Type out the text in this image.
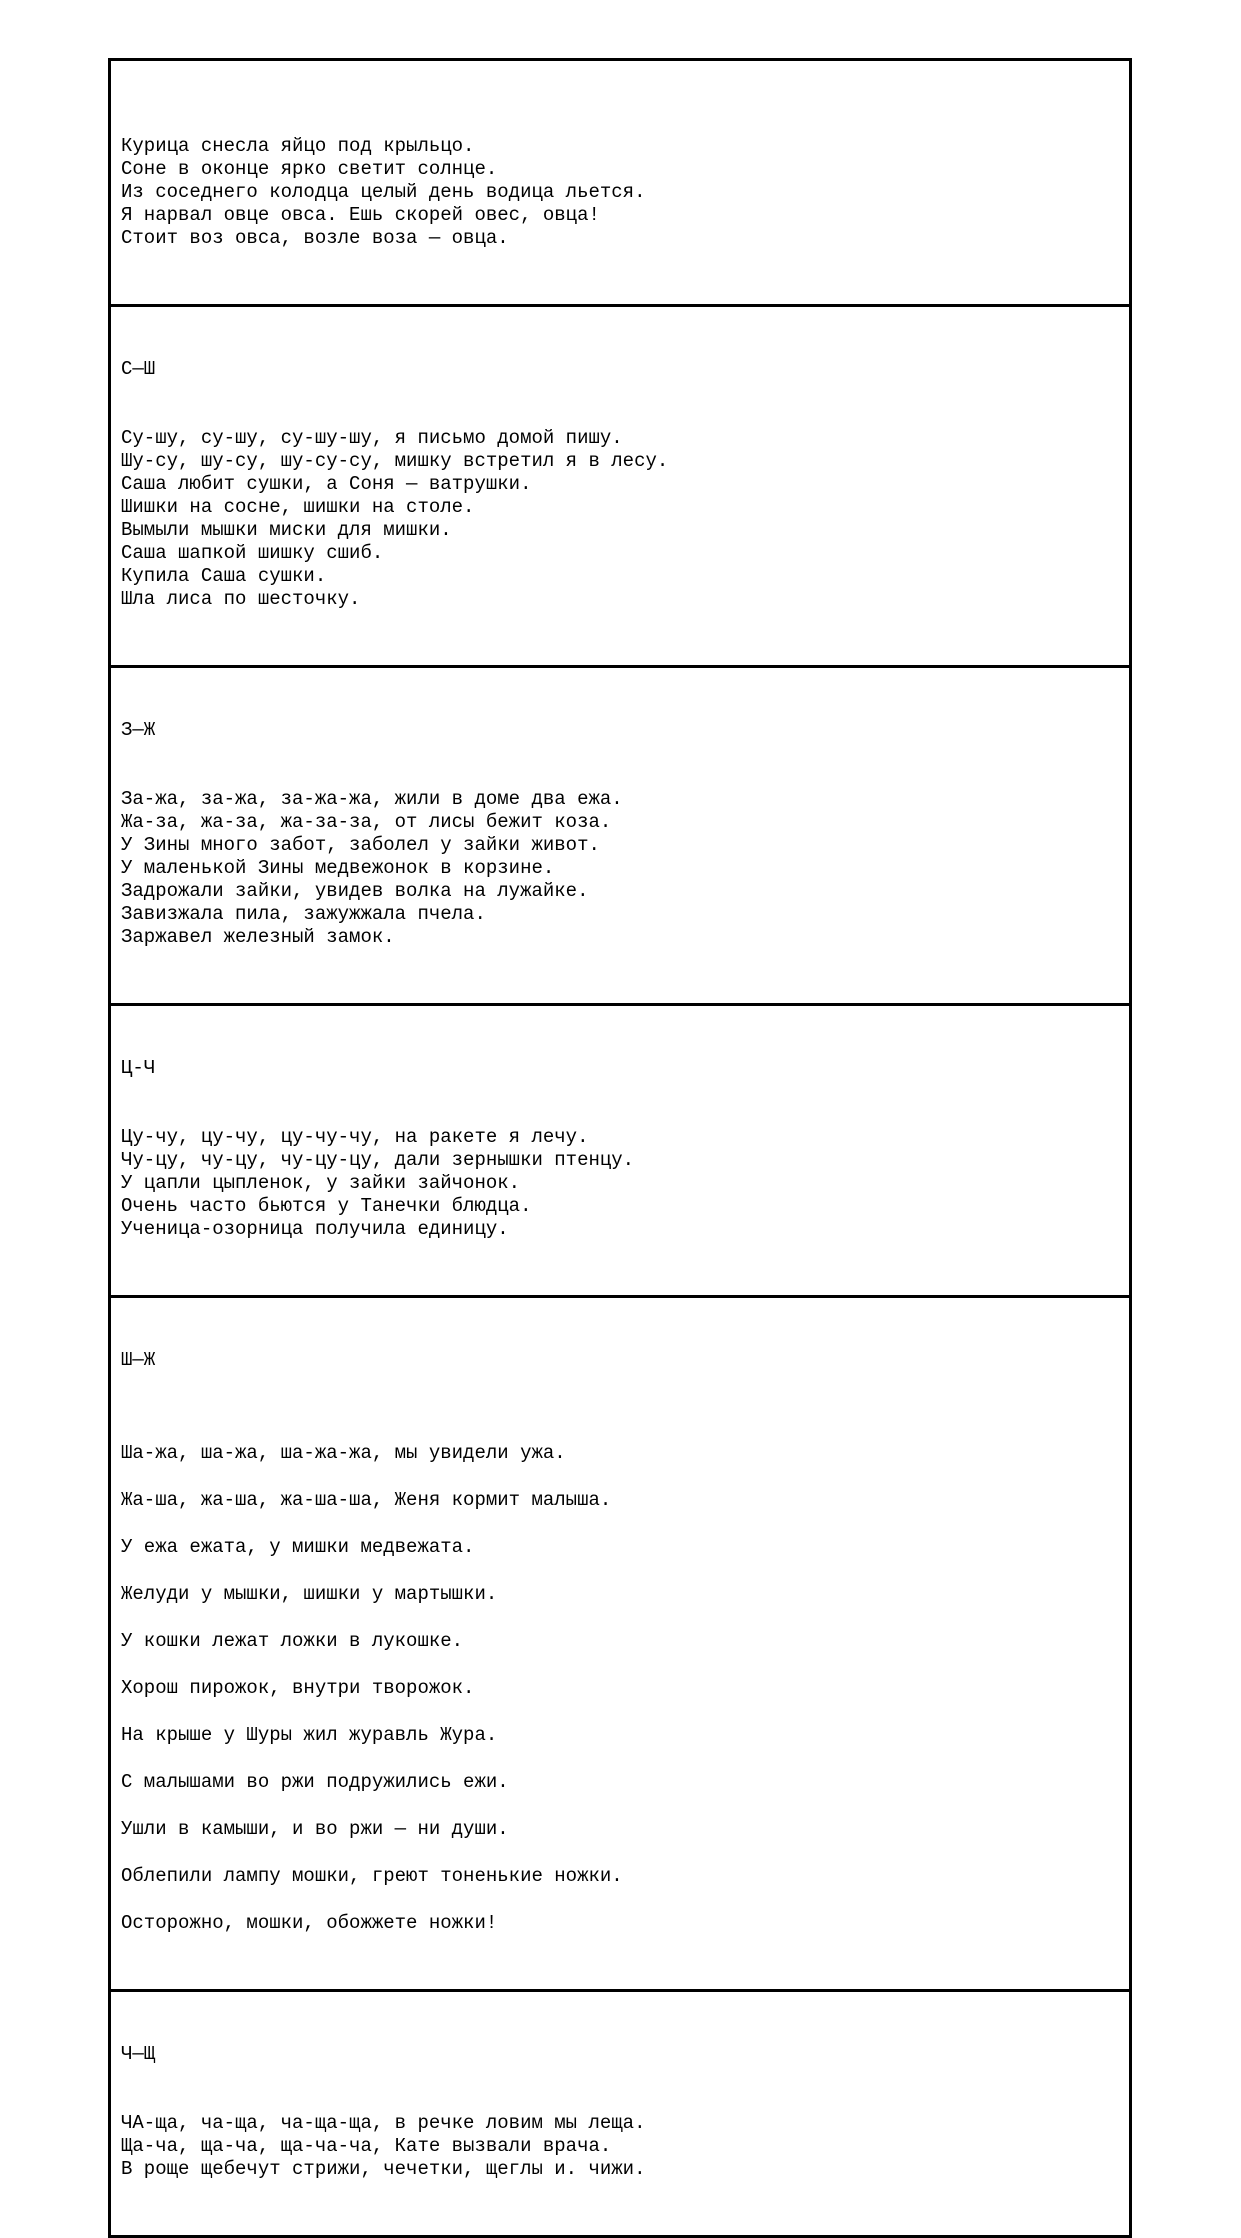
Курица снесла яйцо под крыльцо.
Соне в оконце ярко светит солнце.
Из соседнего колодца целый день водица льется.
Я нарвал овце овса. Ешь скорей овес, овца!
Стоит воз овса, возле воза — овца.

С—Ш

Су-шу, су-шу, су-шу-шу, я письмо домой пишу.
Шу-су, шу-су, шу-су-су, мишку встретил я в лесу.
Саша любит сушки, а Соня — ватрушки.
Шишки на сосне, шишки на столе.
Вымыли мышки миски для мишки.
Саша шапкой шишку сшиб.
Купила Саша сушки.
Шла лиса по шесточку.

З—Ж

За-жа, за-жа, за-жа-жа, жили в доме два ежа.
Жа-за, жа-за, жа-за-за, от лисы бежит коза.
У Зины много забот, заболел у зайки живот.
У маленькой Зины медвежонок в корзине.
Задрожали зайки, увидев волка на лужайке.
Завизжала пила, зажужжала пчела.
Заржавел железный замок.

Ц-Ч

Цу-чу, цу-чу, цу-чу-чу, на ракете я лечу.
Чу-цу, чу-цу, чу-цу-цу, дали зернышки птенцу.
У цапли цыпленок, у зайки зайчонок.
Очень часто бьются у Танечки блюдца.
Ученица-озорница получила единицу.

Ш—Ж

Ша-жа, ша-жа, ша-жа-жа, мы увидели ужа.
Жа-ша, жа-ша, жа-ша-ша, Женя кормит малыша.
У ежа ежата, у мишки медвежата.
Желуди у мышки, шишки у мартышки.
У кошки лежат ложки в лукошке.
Хорош пирожок, внутри творожок.
На крыше у Шуры жил журавль Жура.
С малышами во ржи подружились ежи.
Ушли в камыши, и во ржи — ни души.
Облепили лампу мошки, греют тоненькие ножки.
Осторожно, мошки, обожжете ножки!

Ч—Щ

ЧА-ща, ча-ща, ча-ща-ща, в речке ловим мы леща.
Ща-ча, ща-ча, ща-ча-ча, Кате вызвали врача.
В роще щебечут стрижи, чечетки, щеглы и. чижи.
